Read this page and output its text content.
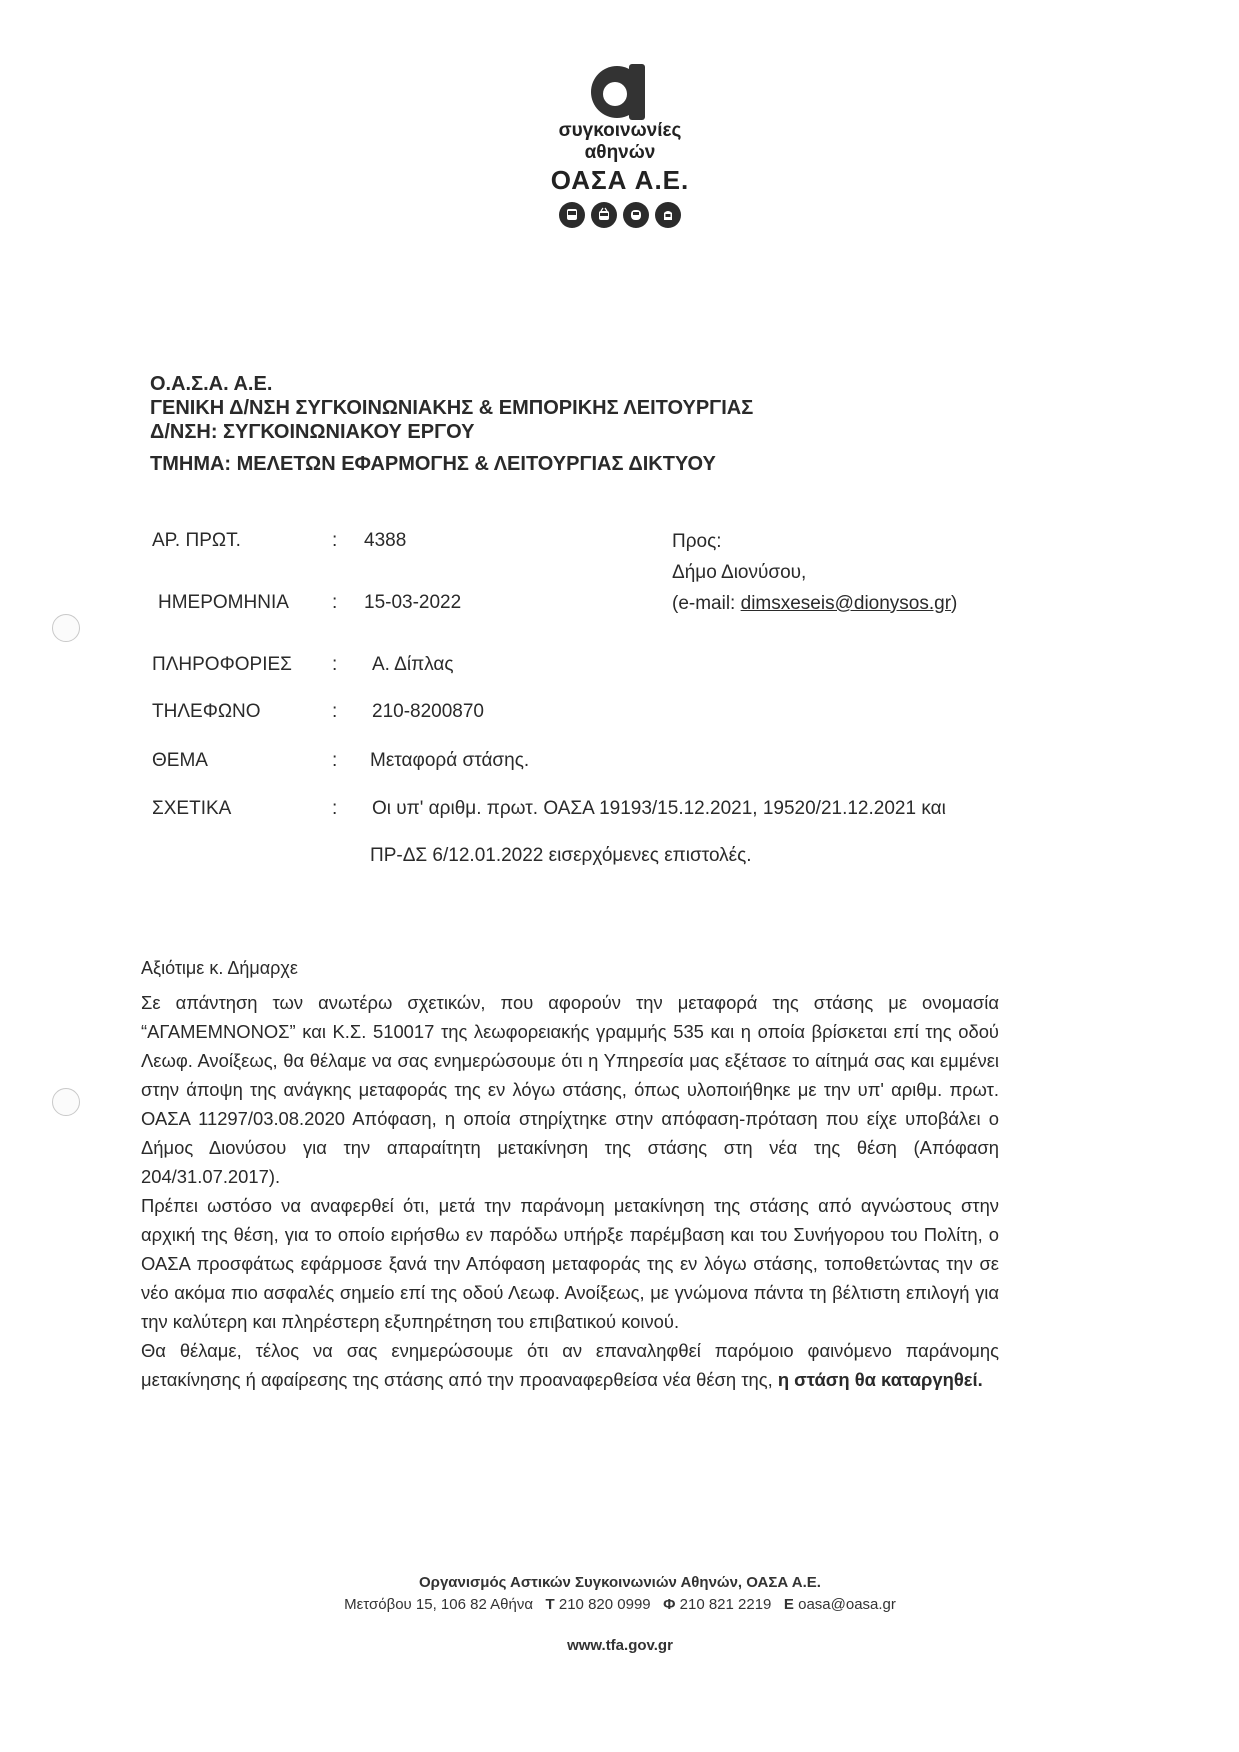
συγκοινωνίες
αθηνών
ΟΑΣΑ Α.Ε.
Ο.Α.Σ.Α. Α.Ε.
ΓΕΝΙΚΗ Δ/ΝΣΗ ΣΥΓΚΟΙΝΩΝΙΑΚΗΣ & ΕΜΠΟΡΙΚΗΣ ΛΕΙΤΟΥΡΓΙΑΣ
Δ/ΝΣΗ: ΣΥΓΚΟΙΝΩΝΙΑΚΟΥ ΕΡΓΟΥ
ΤΜΗΜΑ: ΜΕΛΕΤΩΝ ΕΦΑΡΜΟΓΗΣ & ΛΕΙΤΟΥΡΓΙΑΣ ΔΙΚΤΥΟΥ
ΑΡ. ΠΡΩΤ.	: 4388
ΗΜΕΡΟΜΗΝΙΑ : 15-03-2022
ΠΛΗΡΟΦΟΡΙΕΣ : Α. Δίπλας
ΤΗΛΕΦΩΝΟ	: 210-8200870
ΘΕΜΑ	: Μεταφορά στάσης.
ΣΧΕΤΙΚΑ	: Οι υπ' αριθμ. πρωτ. ΟΑΣΑ 19193/15.12.2021, 19520/21.12.2021 και
ΠΡ-ΔΣ 6/12.01.2022 εισερχόμενες επιστολές.
Προς:
Δήμο Διονύσου,
(e-mail: dimsxeseis@dionysos.gr)
Αξιότιμε κ. Δήμαρχε

Σε απάντηση των ανωτέρω σχετικών, που αφορούν την μεταφορά της στάσης με ονομασία “ΑΓΑΜΕΜΝΟΝΟΣ” και Κ.Σ. 510017 της λεωφορειακής γραμμής 535 και η οποία βρίσκεται επί της οδού Λεωφ. Ανοίξεως, θα θέλαμε να σας ενημερώσουμε ότι η Υπηρεσία μας εξέτασε το αίτημά σας και εμμένει στην άποψη της ανάγκης μεταφοράς της εν λόγω στάσης, όπως υλοποιήθηκε με την υπ' αριθμ. πρωτ. ΟΑΣΑ 11297/03.08.2020 Απόφαση, η οποία στηρίχτηκε στην απόφαση-πρόταση που είχε υποβάλει ο Δήμος Διονύσου για την απαραίτητη μετακίνηση της στάσης στη νέα της θέση (Απόφαση 204/31.07.2017).

Πρέπει ωστόσο να αναφερθεί ότι, μετά την παράνομη μετακίνηση της στάσης από αγνώστους στην αρχική της θέση, για το οποίο ειρήσθω εν παρόδω υπήρξε παρέμβαση και του Συνήγορου του Πολίτη, ο ΟΑΣΑ προσφάτως εφάρμοσε ξανά την Απόφαση μεταφοράς της εν λόγω στάσης, τοποθετώντας την σε νέο ακόμα πιο ασφαλές σημείο επί της οδού Λεωφ. Ανοίξεως, με γνώμονα πάντα τη βέλτιστη επιλογή για την καλύτερη και πληρέστερη εξυπηρέτηση του επιβατικού κοινού.

Θα θέλαμε, τέλος να σας ενημερώσουμε ότι αν επαναληφθεί παρόμοιο φαινόμενο παράνομης μετακίνησης ή αφαίρεσης της στάσης από την προαναφερθείσα νέα θέση της, η στάση θα καταργηθεί.

Οργανισμός Αστικών Συγκοινωνιών Αθηνών, ΟΑΣΑ Α.Ε.
Μετσόβου 15, 106 82 Αθήνα Τ 210 820 0999 Φ 210 821 2219 Ε oasa@oasa.gr
www.tfa.gov.gr
